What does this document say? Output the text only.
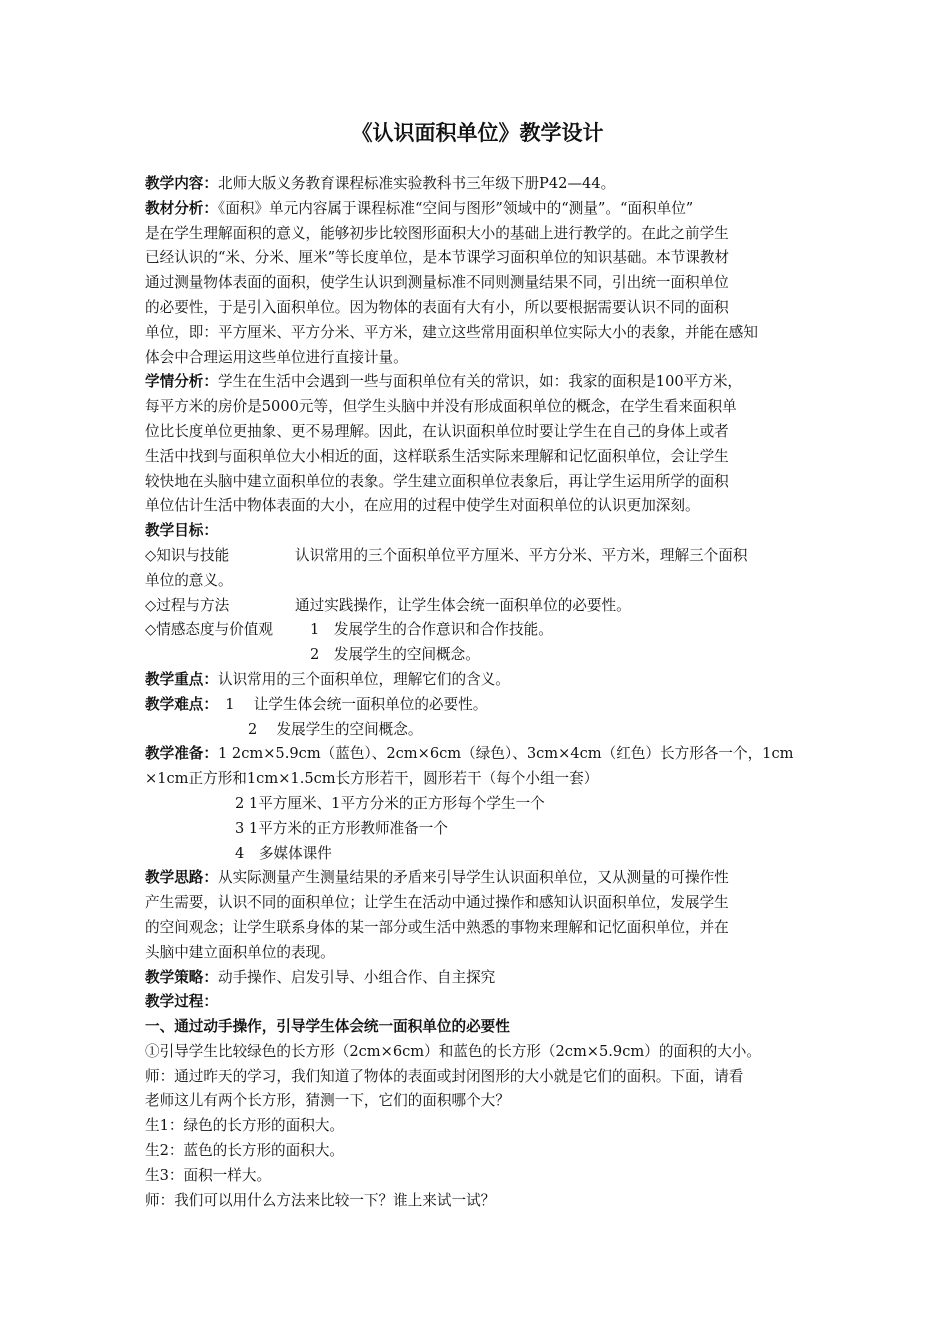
《认识面积单位》教学设计
教学内容：北师大版义务教育课程标准实验教科书三年级下册P42—44。
教材分析：《面积》单元内容属于课程标准“空间与图形”领域中的“测量”。“面积单位”
是在学生理解面积的意义，能够初步比较图形面积大小的基础上进行教学的。在此之前学生
已经认识的“米、分米、厘米”等长度单位，是本节课学习面积单位的知识基础。本节课教材
通过测量物体表面的面积，使学生认识到测量标准不同则测量结果不同，引出统一面积单位
的必要性，于是引入面积单位。因为物体的表面有大有小，所以要根据需要认识不同的面积
单位，即：平方厘米、平方分米、平方米，建立这些常用面积单位实际大小的表象，并能在感知
体会中合理运用这些单位进行直接计量。
学情分析：学生在生活中会遇到一些与面积单位有关的常识，如：我家的面积是100平方米，
每平方米的房价是5000元等，但学生头脑中并没有形成面积单位的概念，在学生看来面积单
位比长度单位更抽象、更不易理解。因此，在认识面积单位时要让学生在自己的身体上或者
生活中找到与面积单位大小相近的面，这样联系生活实际来理解和记忆面积单位，会让学生
较快地在头脑中建立面积单位的表象。学生建立面积单位表象后，再让学生运用所学的面积
单位估计生活中物体表面的大小，在应用的过程中使学生对面积单位的认识更加深刻。
教学目标：
◇知识与技能	认识常用的三个面积单位平方厘米、平方分米、平方米，理解三个面积
单位的意义。
◇过程与方法	通过实践操作，让学生体会统一面积单位的必要性。
◇情感态度与价值观	1　发展学生的合作意识和合作技能。
2　发展学生的空间概念。
教学重点：认识常用的三个面积单位，理解它们的含义。
教学难点：　1　 让学生体会统一面积单位的必要性。
2　 发展学生的空间概念。
教学准备：1 2cm×5.9cm（蓝色）、2cm×6cm（绿色）、3cm×4cm（红色）长方形各一个，1cm
×1cm正方形和1cm×1.5cm长方形若干，圆形若干（每个小组一套）
2 1平方厘米、1平方分米的正方形每个学生一个
3 1平方米的正方形教师准备一个
4　多媒体课件
教学思路：从实际测量产生测量结果的矛盾来引导学生认识面积单位，又从测量的可操作性
产生需要，认识不同的面积单位；让学生在活动中通过操作和感知认识面积单位，发展学生
的空间观念；让学生联系身体的某一部分或生活中熟悉的事物来理解和记忆面积单位，并在
头脑中建立面积单位的表现。
教学策略：动手操作、启发引导、小组合作、自主探究
教学过程：
一、通过动手操作，引导学生体会统一面积单位的必要性
①引导学生比较绿色的长方形（2cm×6cm）和蓝色的长方形（2cm×5.9cm）的面积的大小。
师：通过昨天的学习，我们知道了物体的表面或封闭图形的大小就是它们的面积。下面，请看
老师这儿有两个长方形，猜测一下，它们的面积哪个大？
生1：绿色的长方形的面积大。
生2：蓝色的长方形的面积大。
生3：面积一样大。
师：我们可以用什么方法来比较一下？谁上来试一试？
